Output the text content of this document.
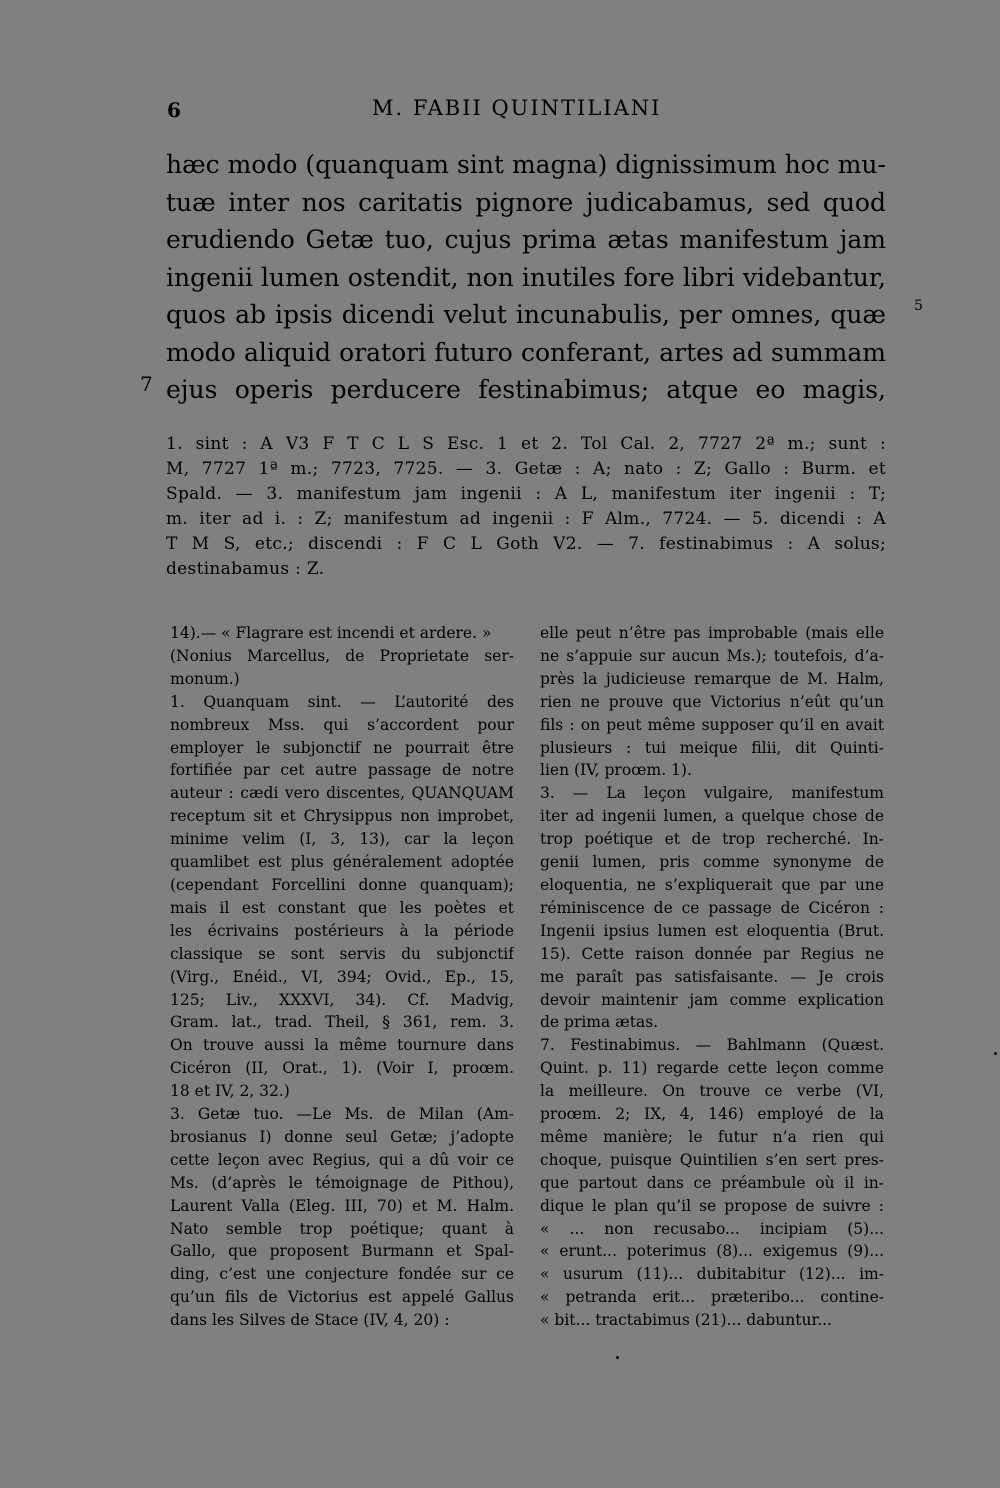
6	M. FABII QUINTILIANI
hæc modo (quanquam sint magna) dignissimum hoc mu-
tuæ inter nos caritatis pignore judicabamus, sed quod
erudiendo Getæ tuo, cujus prima ætas manifestum jam
ingenii lumen ostendit, non inutiles fore libri videbantur,
quos ab ipsis dicendi velut incunabulis, per omnes, quæ
modo aliquid oratori futuro conferant, artes ad summam
ejus operis perducere festinabimus; atque eo magis,
5
7
1. sint : A V3 F T C L S Esc. 1 et 2. Tol Cal. 2, 7727 2ª m.; sunt :
M, 7727 1ª m.; 7723, 7725. — 3. Getæ : A; nato : Z; Gallo : Burm. et
Spald. — 3. manifestum jam ingenii : A L, manifestum iter ingenii : T;
m. iter ad i. : Z; manifestum ad ingenii : F Alm., 7724. — 5. dicendi : A
T M S, etc.; discendi : F C L Goth V2. — 7. festinabimus : A solus;
destinabamus : Z.
14).— « Flagrare est incendi et ardere. »
(Nonius Marcellus, de Proprietate ser-
monum.)
1. Quanquam sint. — L’autorité des
nombreux Mss. qui s’accordent pour
employer le subjonctif ne pourrait être
fortifiée par cet autre passage de notre
auteur : cædi vero discentes, QUANQUAM
receptum sit et Chrysippus non improbet,
minime velim (I, 3, 13), car la leçon
quamlibet est plus généralement adoptée
(cependant Forcellini donne quanquam);
mais il est constant que les poètes et
les écrivains postérieurs à la période
classique se sont servis du subjonctif
(Virg., Enéid., VI, 394; Ovid., Ep., 15,
125; Liv., XXXVI, 34). Cf. Madvig,
Gram. lat., trad. Theil, § 361, rem. 3.
On trouve aussi la même tournure dans
Cicéron (II, Orat., 1). (Voir I, proœm.
18 et IV, 2, 32.)
3. Getæ tuo. —Le Ms. de Milan (Am-
brosianus I) donne seul Getæ; j’adopte
cette leçon avec Regius, qui a dû voir ce
Ms. (d’après le témoignage de Pithou),
Laurent Valla (Eleg. III, 70) et M. Halm.
Nato semble trop poétique; quant à
Gallo, que proposent Burmann et Spal-
ding, c’est une conjecture fondée sur ce
qu’un fils de Victorius est appelé Gallus
dans les Silves de Stace (IV, 4, 20) :
elle peut n’être pas improbable (mais elle
ne s’appuie sur aucun Ms.); toutefois, d’a-
près la judicieuse remarque de M. Halm,
rien ne prouve que Victorius n’eût qu’un
fils : on peut même supposer qu’il en avait
plusieurs : tui meique filii, dit Quinti-
lien (IV, proœm. 1).
3. — La leçon vulgaire, manifestum
iter ad ingenii lumen, a quelque chose de
trop poétique et de trop recherché. In-
genii lumen, pris comme synonyme de
eloquentia, ne s’expliquerait que par une
réminiscence de ce passage de Cicéron :
Ingenii ipsius lumen est eloquentia (Brut.
15). Cette raison donnée par Regius ne
me paraît pas satisfaisante. — Je crois
devoir maintenir jam comme explication
de prima ætas.
7. Festinabimus. — Bahlmann (Quæst.
Quint. p. 11) regarde cette leçon comme
la meilleure. On trouve ce verbe (VI,
proœm. 2; IX, 4, 146) employé de la
même manière; le futur n’a rien qui
choque, puisque Quintilien s’en sert pres-
que partout dans ce préambule où il in-
dique le plan qu’il se propose de suivre :
« ... non recusabo... incipiam (5)...
« erunt... poterimus (8)... exigemus (9)...
« usurum (11)... dubitabitur (12)... im-
« petranda erit... præteribo... contine-
« bit... tractabimus (21)... dabuntur...
